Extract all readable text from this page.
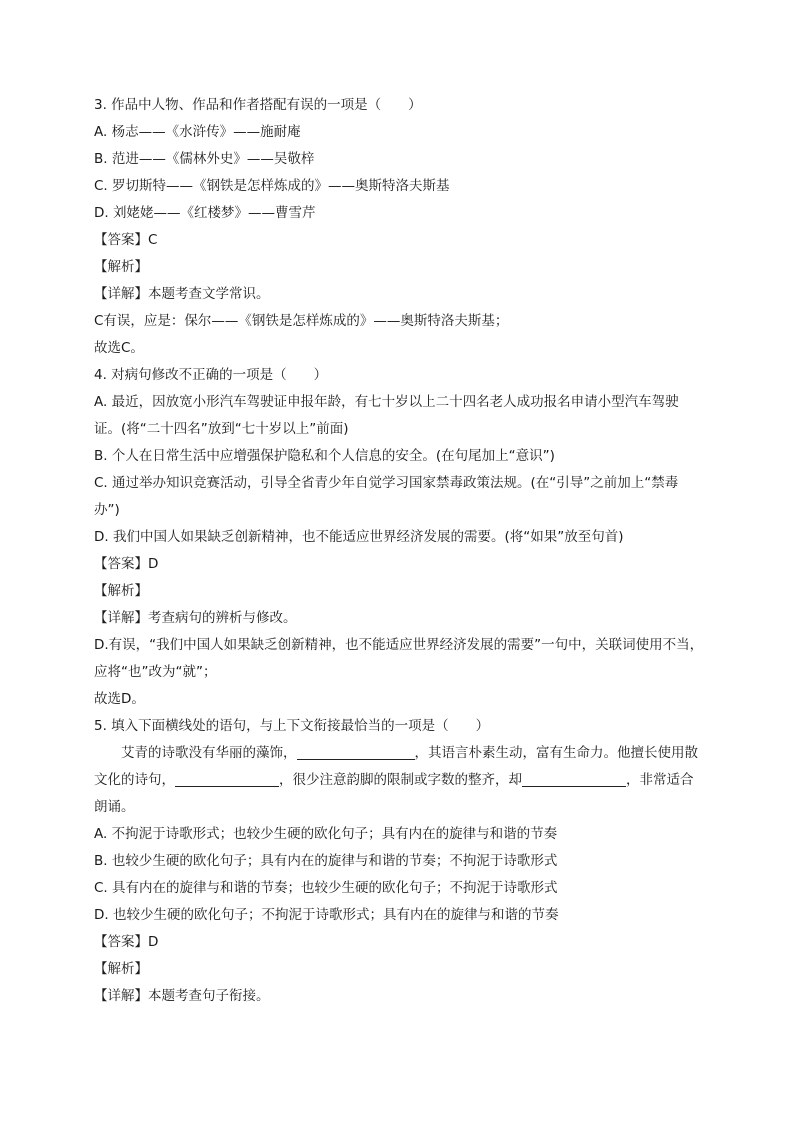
3. 作品中人物、作品和作者搭配有误的一项是（　　）
A. 杨志——《水浒传》——施耐庵
B. 范进——《儒林外史》——吴敬梓
C. 罗切斯特——《钢铁是怎样炼成的》——奥斯特洛夫斯基
D. 刘姥姥——《红楼梦》——曹雪芹
【答案】C
【解析】
【详解】本题考查文学常识。
C有误，应是：保尔——《钢铁是怎样炼成的》——奥斯特洛夫斯基；
故选C。
4. 对病句修改不正确的一项是（　　）
A. 最近，因放宽小形汽车驾驶证申报年龄，有七十岁以上二十四名老人成功报名申请小型汽车驾驶证。(将“二十四名”放到“七十岁以上”前面)
B. 个人在日常生活中应增强保护隐私和个人信息的安全。(在句尾加上“意识”)
C. 通过举办知识竞赛活动，引导全省青少年自觉学习国家禁毒政策法规。(在“引导”之前加上“禁毒办”)
D. 我们中国人如果缺乏创新精神，也不能适应世界经济发展的需要。(将“如果”放至句首)
【答案】D
【解析】
【详解】考查病句的辨析与修改。
D.有误，“我们中国人如果缺乏创新精神，也不能适应世界经济发展的需要”一句中，关联词使用不当，应将“也”改为“就”；
故选D。
5. 填入下面横线处的语句，与上下文衔接最恰当的一项是（　　）
艾青的诗歌没有华丽的藻饰，	，其语言朴素生动，富有生命力。他擅长使用散文化的诗句，	，很少注意韵脚的限制或字数的整齐，却	，非常适合朗诵。
A. 不拘泥于诗歌形式；也较少生硬的欧化句子；具有内在的旋律与和谐的节奏
B. 也较少生硬的欧化句子；具有内在的旋律与和谐的节奏；不拘泥于诗歌形式
C. 具有内在的旋律与和谐的节奏；也较少生硬的欧化句子；不拘泥于诗歌形式
D. 也较少生硬的欧化句子；不拘泥于诗歌形式；具有内在的旋律与和谐的节奏
【答案】D
【解析】
【详解】本题考查句子衔接。
